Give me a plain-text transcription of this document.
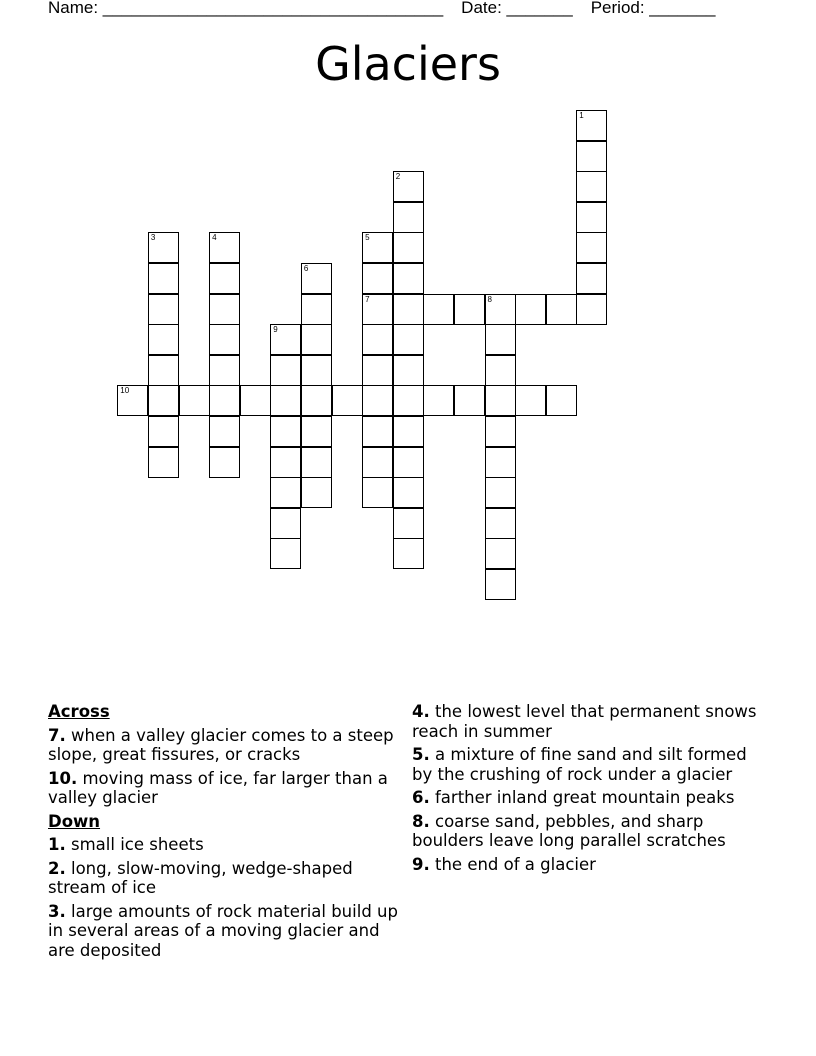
Name: ____________________________________ Date: _______ Period: _______
Glaciers
1
2
3	4	5
7
6
8
9
10
Across
7. when a valley glacier comes to a steep slope, great fissures, or cracks
10. moving mass of ice, far larger than a valley glacier
Down
1. small ice sheets
2. long, slow-moving, wedge-shaped stream of ice
3. large amounts of rock material build up in several areas of a moving glacier and are deposited
4. the lowest level that permanent snows reach in summer
5. a mixture of fine sand and silt formed by the crushing of rock under a glacier
6. farther inland great mountain peaks
8. coarse sand, pebbles, and sharp boulders leave long parallel scratches
9. the end of a glacier
